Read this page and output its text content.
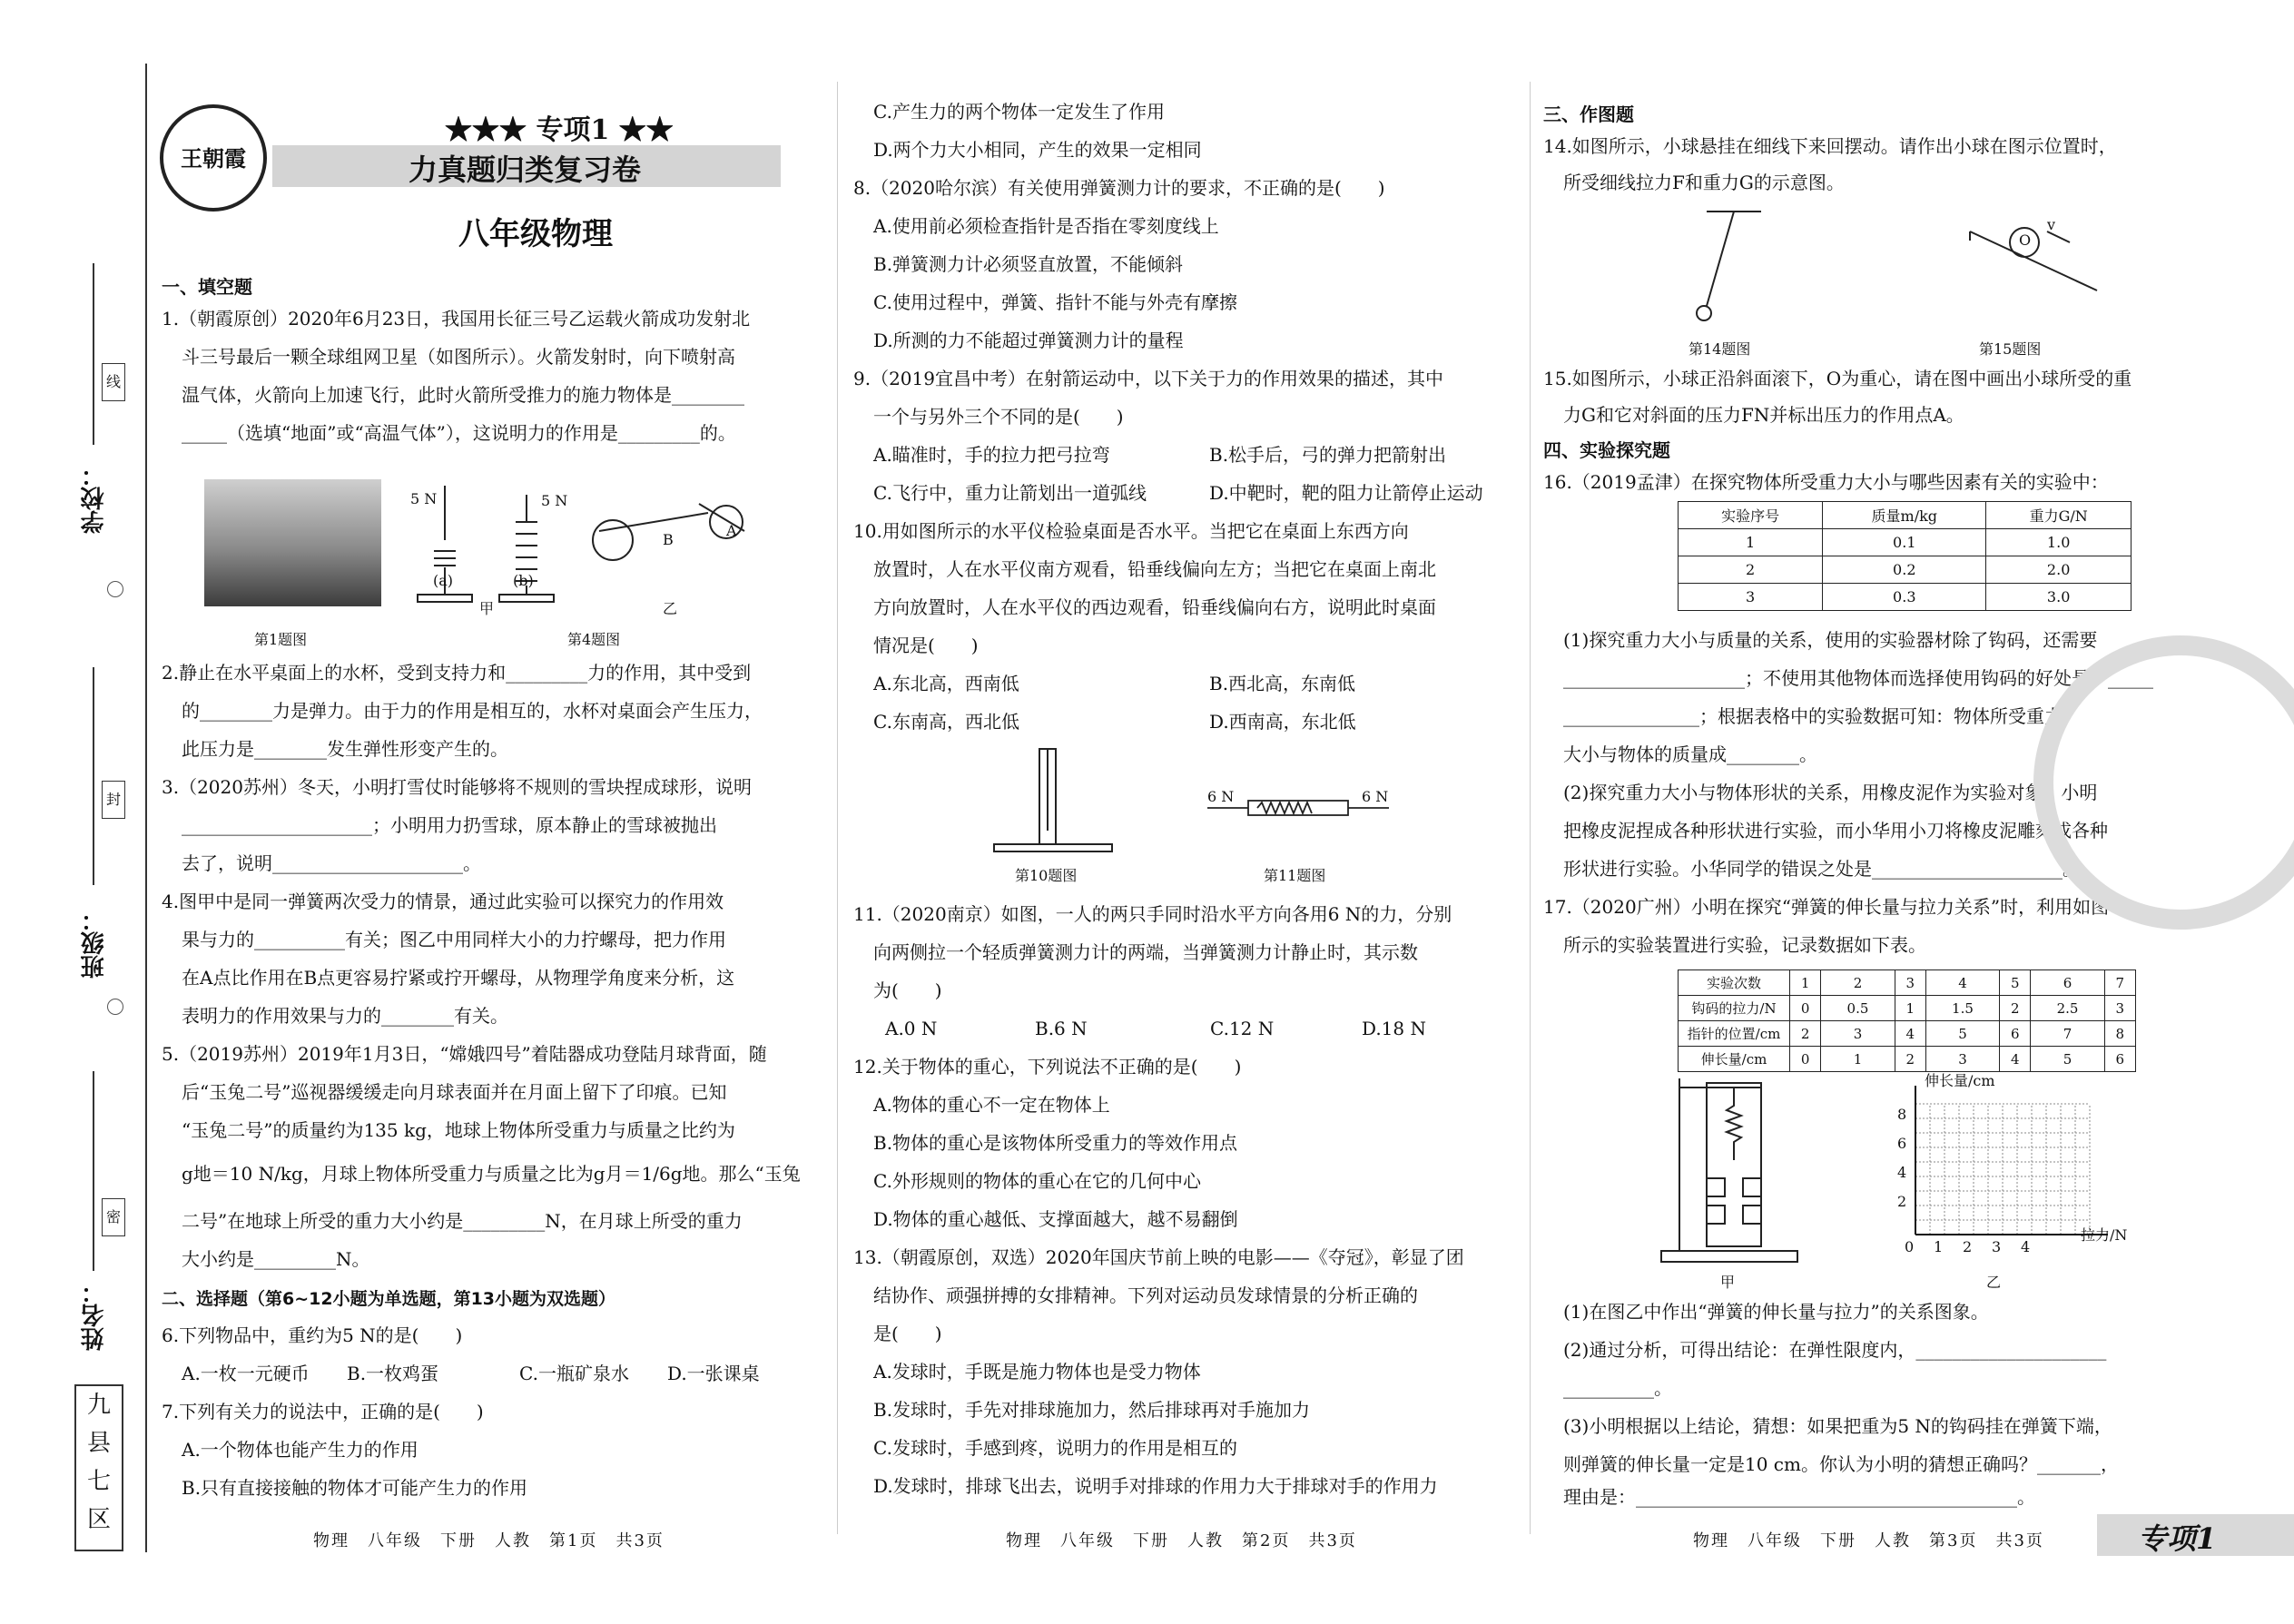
学校：
班级：
姓名：
线
封
密
九
县
七
区
王朝霞
★★★ 专项1 ★★
力真题归类复习卷
八年级物理
一、填空题
1.（朝霞原创）2020年6月23日，我国用长征三号乙运载火箭成功发射北
斗三号最后一颗全球组网卫星（如图所示）。火箭发射时，向下喷射高
温气体，火箭向上加速飞行，此时火箭所受推力的施力物体是________
_____（选填“地面”或“高温气体”），这说明力的作用是_________的。
5 N	5 N
(a)	(b)
甲	乙
B
A
第1题图	第4题图
2.静止在水平桌面上的水杯，受到支持力和_________力的作用，其中受到
的________力是弹力。由于力的作用是相互的，水杯对桌面会产生压力，
此压力是________发生弹性形变产生的。
3.（2020苏州）冬天，小明打雪仗时能够将不规则的雪块捏成球形，说明
_____________________；小明用力扔雪球，原本静止的雪球被抛出
去了，说明_____________________。
4.图甲中是同一弹簧两次受力的情景，通过此实验可以探究力的作用效
果与力的__________有关；图乙中用同样大小的力拧螺母，把力作用
在A点比作用在B点更容易拧紧或拧开螺母，从物理学角度来分析，这
表明力的作用效果与力的________有关。
5.（2019苏州）2019年1月3日，“嫦娥四号”着陆器成功登陆月球背面，随
后“玉兔二号”巡视器缓缓走向月球表面并在月面上留下了印痕。已知
“玉兔二号”的质量约为135 kg，地球上物体所受重力与质量之比约为
g地＝10 N/kg，月球上物体所受重力与质量之比为g月＝1/6g地。那么“玉兔
二号”在地球上所受的重力大小约是_________N，在月球上所受的重力
大小约是_________N。
二、选择题（第6~12小题为单选题，第13小题为双选题）
6.下列物品中，重约为5 N的是(　　)
A.一枚一元硬币 B.一枚鸡蛋	C.一瓶矿泉水 D.一张课桌
7.下列有关力的说法中，正确的是(　　)
A.一个物体也能产生力的作用
B.只有直接接触的物体才可能产生力的作用
C.产生力的两个物体一定发生了作用
D.两个力大小相同，产生的效果一定相同
8.（2020哈尔滨）有关使用弹簧测力计的要求，不正确的是(　　)
A.使用前必须检查指针是否指在零刻度线上
B.弹簧测力计必须竖直放置，不能倾斜
C.使用过程中，弹簧、指针不能与外壳有摩擦
D.所测的力不能超过弹簧测力计的量程
9.（2019宜昌中考）在射箭运动中，以下关于力的作用效果的描述，其中
一个与另外三个不同的是(　　)
A.瞄准时，手的拉力把弓拉弯	B.松手后，弓的弹力把箭射出
C.飞行中，重力让箭划出一道弧线	D.中靶时，靶的阻力让箭停止运动
10.用如图所示的水平仪检验桌面是否水平。当把它在桌面上东西方向
放置时，人在水平仪南方观看，铅垂线偏向左方；当把它在桌面上南北
方向放置时，人在水平仪的西边观看，铅垂线偏向右方，说明此时桌面
情况是(　　)
A.东北高，西南低	B.西北高，东南低
C.东南高，西北低	D.西南高，东北低
6 N	6 N
第10题图	第11题图
11.（2020南京）如图，一人的两只手同时沿水平方向各用6 N的力，分别
向两侧拉一个轻质弹簧测力计的两端，当弹簧测力计静止时，其示数
为(　　)
A.0 N	B.6 N	C.12 N	D.18 N
12.关于物体的重心，下列说法不正确的是(　　)
A.物体的重心不一定在物体上
B.物体的重心是该物体所受重力的等效作用点
C.外形规则的物体的重心在它的几何中心
D.物体的重心越低、支撑面越大，越不易翻倒
13.（朝霞原创，双选）2020年国庆节前上映的电影——《夺冠》，彰显了团
结协作、顽强拼搏的女排精神。下列对运动员发球情景的分析正确的
是(　　)
A.发球时，手既是施力物体也是受力物体
B.发球时，手先对排球施加力，然后排球再对手施加力
C.发球时，手感到疼，说明力的作用是相互的
D.发球时，排球飞出去，说明手对排球的作用力大于排球对手的作用力
三、作图题
14.如图所示，小球悬挂在细线下来回摆动。请作出小球在图示位置时，
所受细线拉力F和重力G的示意图。
O
v
第14题图	第15题图
15.如图所示，小球正沿斜面滚下，O为重心，请在图中画出小球所受的重
力G和它对斜面的压力FN并标出压力的作用点A。
四、实验探究题
16.（2019孟津）在探究物体所受重力大小与哪些因素有关的实验中：
实验序号	质量m/kg	重力G/N
1	0.1	1.0
2	0.2	2.0
3	0.3	3.0
(1)探究重力大小与质量的关系，使用的实验器材除了钩码，还需要
____________________；不使用其他物体而选择使用钩码的好处是：_____
_______________；根据表格中的实验数据可知：物体所受重力
大小与物体的质量成________。
(2)探究重力大小与物体形状的关系，用橡皮泥作为实验对象。小明
把橡皮泥捏成各种形状进行实验，而小华用小刀将橡皮泥雕刻成各种
形状进行实验。小华同学的错误之处是_____________________。
17.（2020广州）小明在探究“弹簧的伸长量与拉力关系”时，利用如图甲
所示的实验装置进行实验，记录数据如下表。
实验次数	1	2	3	4	5	6	7
钩码的拉力/N	0	0.5	1	1.5	2	2.5	3
指针的位置/cm	2	3	4	5	6	7	8
伸长量/cm	0	1	2	3	4	5	6
甲
伸长量/cm
拉力/N
8
6
4
2
0 1 2 3 4
乙
(1)在图乙中作出“弹簧的伸长量与拉力”的关系图象。
(2)通过分析，可得出结论：在弹性限度内，_____________________
__________。
(3)小明根据以上结论，猜想：如果把重为5 N的钩码挂在弹簧下端，
则弹簧的伸长量一定是10 cm。你认为小明的猜想正确吗？_______，
理由是：__________________________________________。
物理　八年级　下册　人教　第1页　共3页	物理　八年级　下册　人教　第2页　共3页	物理　八年级　下册　人教　第3页　共3页	专项1
